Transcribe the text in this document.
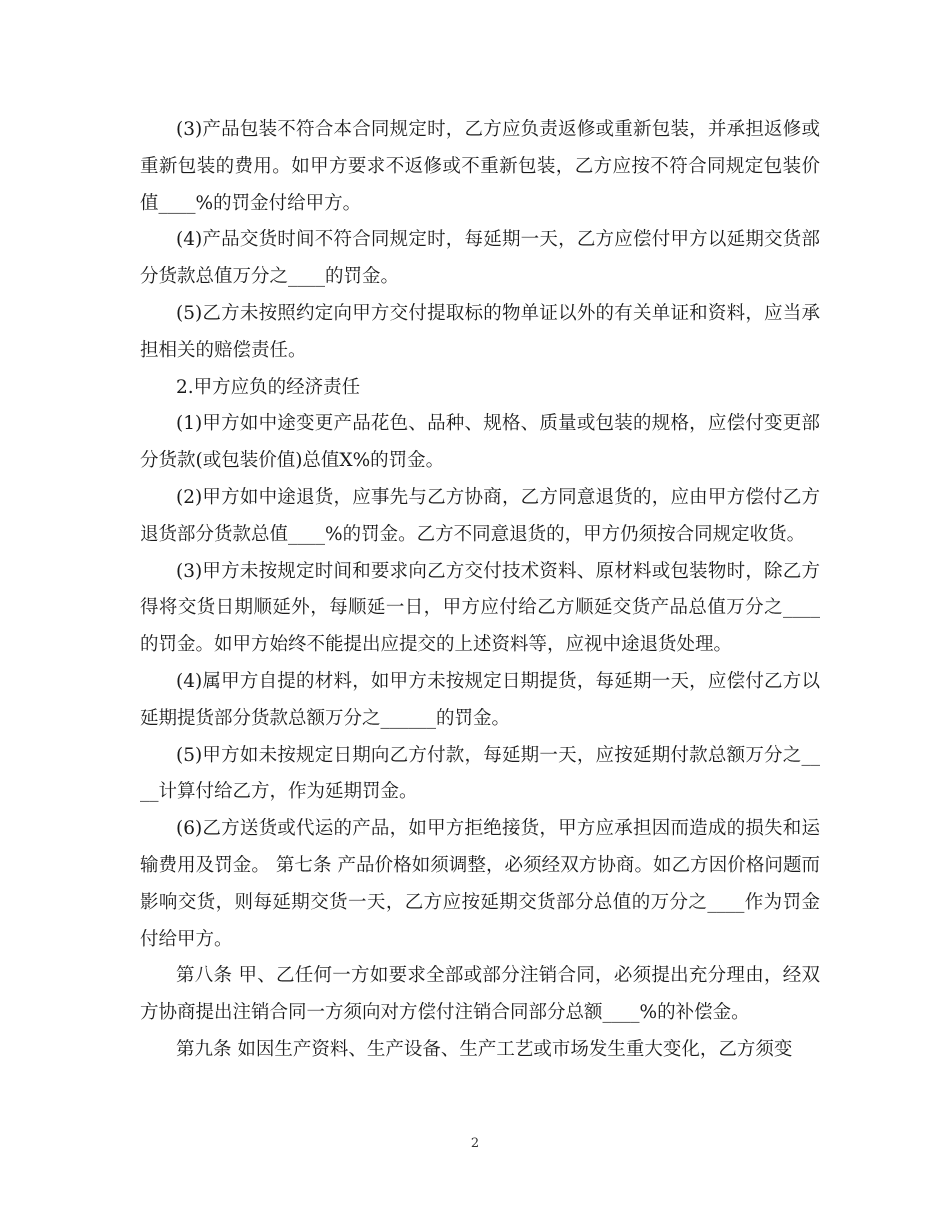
(3)产品包装不符合本合同规定时，乙方应负责返修或重新包装，并承担返修或重新包装的费用。如甲方要求不返修或不重新包装，乙方应按不符合同规定包装价值____%的罚金付给甲方。

(4)产品交货时间不符合同规定时，每延期一天，乙方应偿付甲方以延期交货部分货款总值万分之____的罚金。

(5)乙方未按照约定向甲方交付提取标的物单证以外的有关单证和资料，应当承担相关的赔偿责任。

2.甲方应负的经济责任

(1)甲方如中途变更产品花色、品种、规格、质量或包装的规格，应偿付变更部分货款(或包装价值)总值X%的罚金。

(2)甲方如中途退货，应事先与乙方协商，乙方同意退货的，应由甲方偿付乙方退货部分货款总值____%的罚金。乙方不同意退货的，甲方仍须按合同规定收货。

(3)甲方未按规定时间和要求向乙方交付技术资料、原材料或包装物时，除乙方得将交货日期顺延外，每顺延一日，甲方应付给乙方顺延交货产品总值万分之____的罚金。如甲方始终不能提出应提交的上述资料等，应视中途退货处理。

(4)属甲方自提的材料，如甲方未按规定日期提货，每延期一天，应偿付乙方以延期提货部分货款总额万分之______的罚金。

(5)甲方如未按规定日期向乙方付款，每延期一天，应按延期付款总额万分之____计算付给乙方，作为延期罚金。

(6)乙方送货或代运的产品，如甲方拒绝接货，甲方应承担因而造成的损失和运输费用及罚金。 第七条 产品价格如须调整，必须经双方协商。如乙方因价格问题而影响交货，则每延期交货一天，乙方应按延期交货部分总值的万分之____作为罚金付给甲方。

第八条 甲、乙任何一方如要求全部或部分注销合同，必须提出充分理由，经双方协商提出注销合同一方须向对方偿付注销合同部分总额____%的补偿金。

第九条 如因生产资料、生产设备、生产工艺或市场发生重大变化，乙方须变

2
